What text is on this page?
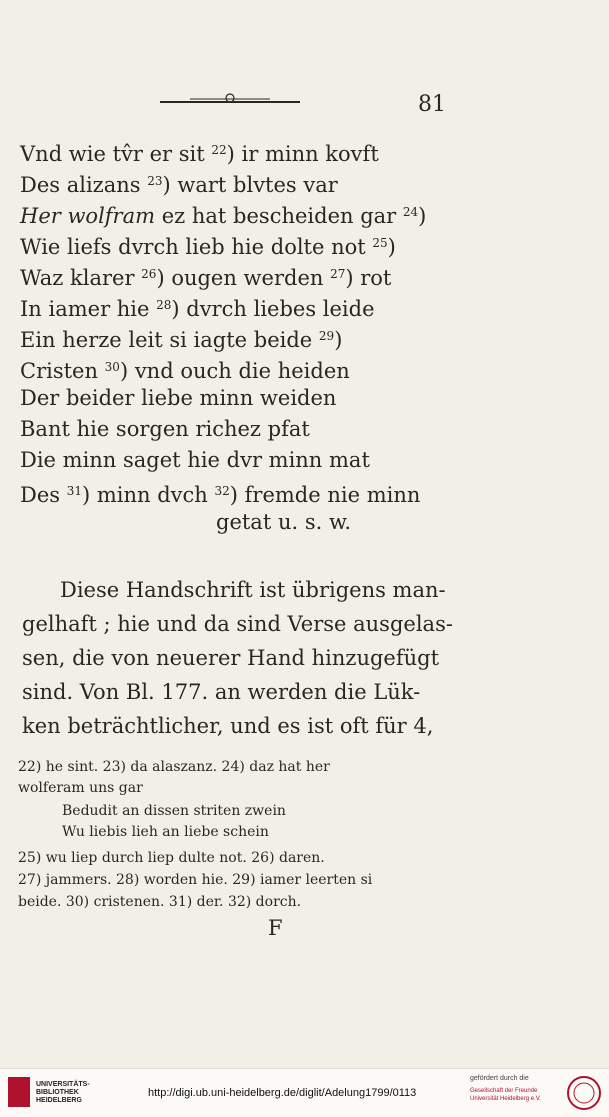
81
Vnd wie tv̂r er sit $^{22}$) ir minn kovft
Des alizans $^{23}$) wart blvtes var
Her wolfram ez hat bescheiden gar $^{24}$)
Wie liefs dvrch lieb hie dolte not $^{25}$)
Waz klarer $^{26}$) ougen werden $^{27}$) rot
In iamer hie $^{28}$) dvrch liebes leide
Ein herze leit si iagte beide $^{29}$)
Cristen $^{30}$) vnd ouch die heiden
Der beider liebe minn weiden
Bant hie sorgen richez pfat
Die minn saget hie dvr minn mat
Des $^{31}$) minn dvch $^{32}$) fremde nie minn
getat u. s. w.
Diese Handschrift ist übrigens man-
gelhaft ; hie und da sind Verse ausgelas-
sen, die von neuerer Hand hinzugefügt
sind. Von Bl. 177. an werden die Lük-
ken beträchtlicher, und es ist oft für 4,
22) he sint. 23) da alaszanz. 24) daz hat her
wolferam uns gar
Bedudit an dissen striten zwein
Wu liebis lieh an liebe schein
25) wu liep durch liep dulte not. 26) daren.
27) jammers. 28) worden hie. 29) iamer leerten si
beide. 30) cristenen. 31) der. 32) dorch.
F
UNIVERSITÄTS-
BIBLIOTHEK
HEIDELBERG
http://digi.ub.uni-heidelberg.de/diglit/Adelung1799/0113
gefördert durch die
Gesellschaft der Freunde
Universität Heidelberg e.V.
